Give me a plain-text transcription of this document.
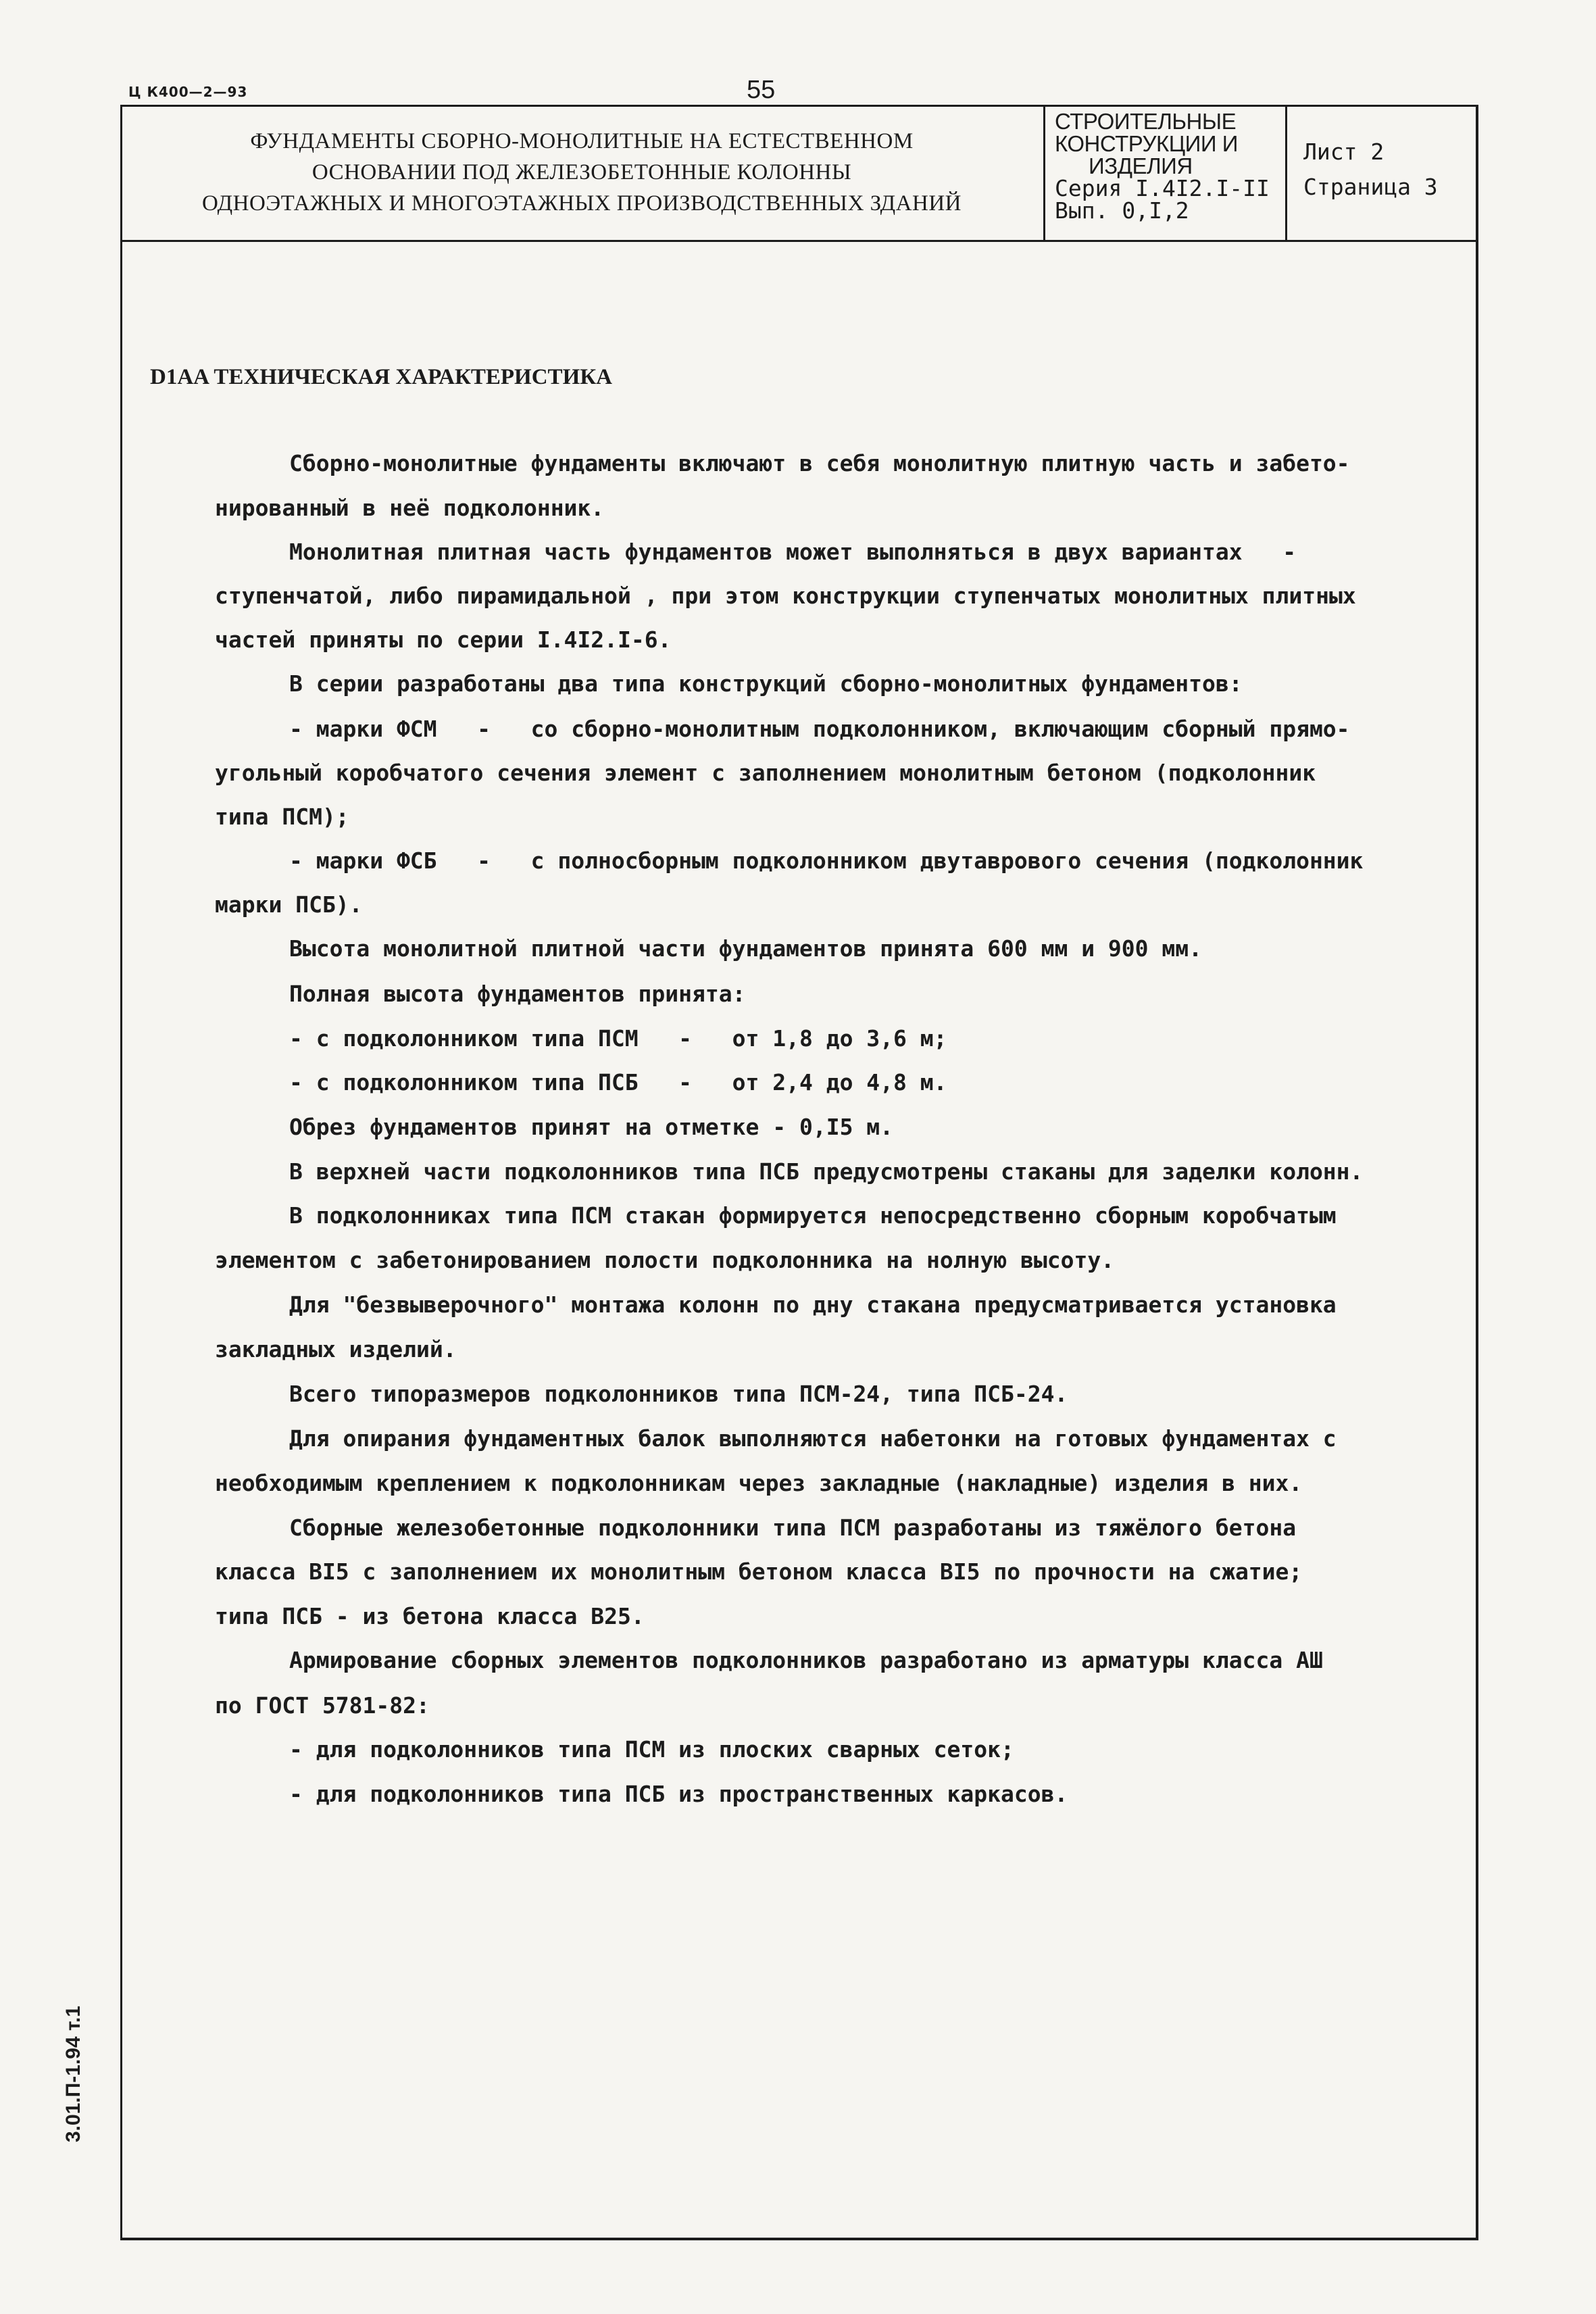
Ц К400—2—93	55
ФУНДАМЕНТЫ СБОРНО-МОНОЛИТНЫЕ НА ЕСТЕСТВЕННОМ
ОСНОВАНИИ ПОД ЖЕЛЕЗОБЕТОННЫЕ КОЛОННЫ
ОДНОЭТАЖНЫХ И МНОГОЭТАЖНЫХ ПРОИЗВОДСТВЕННЫХ ЗДАНИЙ
СТРОИТЕЛЬНЫЕ
КОНСТРУКЦИИ И
ИЗДЕЛИЯ
Серия I.4I2.I-II
Вып. 0,I,2
Лист 2
Страница 3
D1AA ТЕХНИЧЕСКАЯ ХАРАКТЕРИСТИКА
Сборно-монолитные фундаменты включают в себя монолитную плитную часть и забето-
нированный в неё подколонник.
Монолитная плитная часть фундаментов может выполняться в двух вариантах   -
ступенчатой, либо пирамидальной , при этом конструкции ступенчатых монолитных плитных
частей приняты по серии I.4I2.I-6.
В серии разработаны два типа конструкций сборно-монолитных фундаментов:
- марки ФСМ   -   со сборно-монолитным подколонником, включающим сборный прямо-
угольный коробчатого сечения элемент с заполнением монолитным бетоном (подколонник
типа ПСМ);
- марки ФСБ   -   с полносборным подколонником двутаврового сечения (подколонник
марки ПСБ).
Высота монолитной плитной части фундаментов принята 600 мм и 900 мм.
Полная высота фундаментов принята:
- с подколонником типа ПСМ   -   от 1,8 до 3,6 м;
- с подколонником типа ПСБ   -   от 2,4 до 4,8 м.
Обрез фундаментов принят на отметке - 0,I5 м.
В верхней части подколонников типа ПСБ предусмотрены стаканы для заделки колонн.
В подколонниках типа ПСМ стакан формируется непосредственно сборным коробчатым
элементом с забетонированием полости подколонника на нолную высоту.
Для "безвыверочного" монтажа колонн по дну стакана предусматривается установка
закладных изделий.
Всего типоразмеров подколонников типа ПСМ-24, типа ПСБ-24.
Для опирания фундаментных балок выполняются набетонки на готовых фундаментах с
необходимым креплением к подколонникам через закладные (накладные) изделия в них.
Сборные железобетонные подколонники типа ПСМ разработаны из тяжёлого бетона
класса BI5 с заполнением их монолитным бетоном класса BI5 по прочности на сжатие;
типа ПСБ - из бетона класса B25.
Армирование сборных элементов подколонников разработано из арматуры класса АШ
по ГОСТ 5781-82:
- для подколонников типа ПСМ из плоских сварных сеток;
- для подколонников типа ПСБ из пространственных каркасов.
3.01.П-1.94 т.1
